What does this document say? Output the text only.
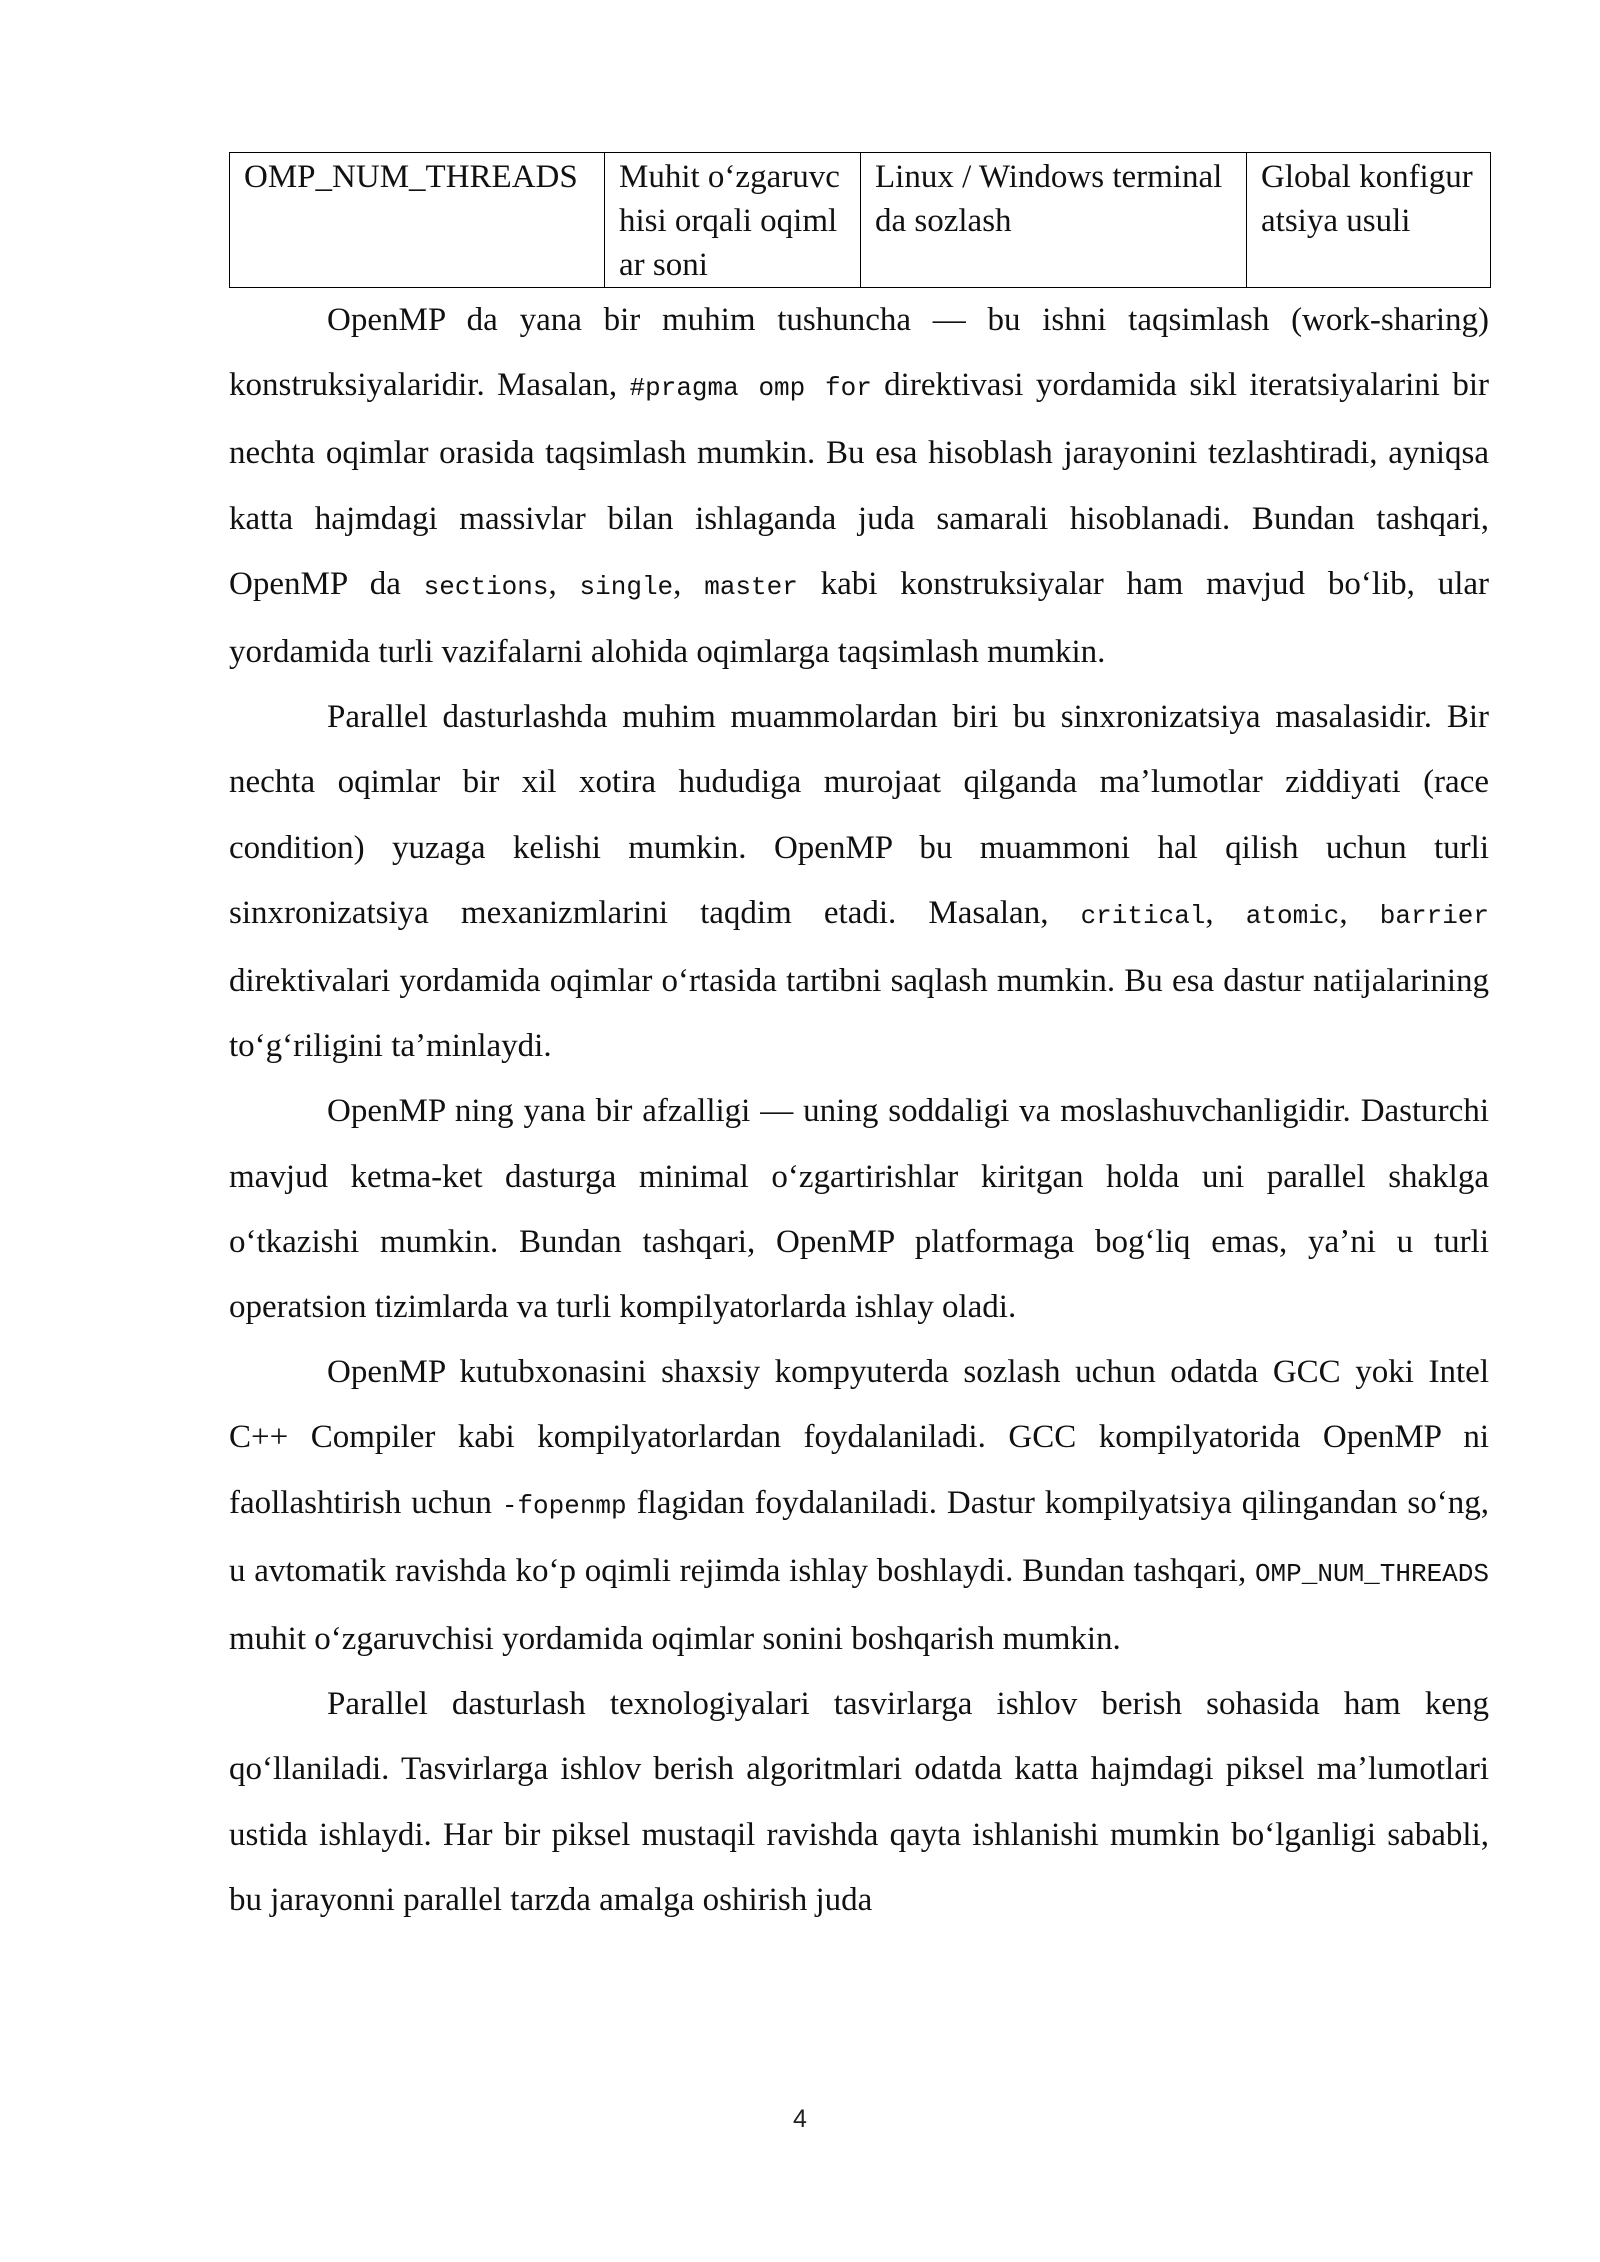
OMP_NUM_THREADS	Muhit oʻzgaruvchisi orqali oqimlar soni	Linux / Windows terminalda sozlash	Global konfiguratsiya usuli

OpenMP da yana bir muhim tushuncha — bu ishni taqsimlash (work-sharing) konstruksiyalaridir. Masalan, #pragma omp for direktivasi yordamida sikl iteratsiyalarini bir nechta oqimlar orasida taqsimlash mumkin. Bu esa hisoblash jarayonini tezlashtiradi, ayniqsa katta hajmdagi massivlar bilan ishlaganda juda samarali hisoblanadi. Bundan tashqari, OpenMP da sections, single, master kabi konstruksiyalar ham mavjud boʻlib, ular yordamida turli vazifalarni alohida oqimlarga taqsimlash mumkin.

Parallel dasturlashda muhim muammolardan biri bu sinxronizatsiya masalasidir. Bir nechta oqimlar bir xil xotira hududiga murojaat qilganda maʼlumotlar ziddiyati (race condition) yuzaga kelishi mumkin. OpenMP bu muammoni hal qilish uchun turli sinxronizatsiya mexanizmlarini taqdim etadi. Masalan, critical, atomic, barrier direktivalari yordamida oqimlar oʻrtasida tartibni saqlash mumkin. Bu esa dastur natijalarining toʻgʻriligini taʼminlaydi.

OpenMP ning yana bir afzalligi — uning soddaligi va moslashuvchanligidir. Dasturchi mavjud ketma-ket dasturga minimal oʻzgartirishlar kiritgan holda uni parallel shaklga oʻtkazishi mumkin. Bundan tashqari, OpenMP platformaga bogʻliq emas, yaʼni u turli operatsion tizimlarda va turli kompilyatorlarda ishlay oladi.

OpenMP kutubxonasini shaxsiy kompyuterda sozlash uchun odatda GCC yoki Intel C++ Compiler kabi kompilyatorlardan foydalaniladi. GCC kompilyatorida OpenMP ni faollashtirish uchun -fopenmp flagidan foydalaniladi. Dastur kompilyatsiya qilingandan soʻng, u avtomatik ravishda koʻp oqimli rejimda ishlay boshlaydi. Bundan tashqari, OMP_NUM_THREADS muhit oʻzgaruvchisi yordamida oqimlar sonini boshqarish mumkin.

Parallel dasturlash texnologiyalari tasvirlarga ishlov berish sohasida ham keng qoʻllaniladi. Tasvirlarga ishlov berish algoritmlari odatda katta hajmdagi piksel maʼlumotlari ustida ishlaydi. Har bir piksel mustaqil ravishda qayta ishlanishi mumkin boʻlganligi sababli, bu jarayonni parallel tarzda amalga oshirish juda

4
